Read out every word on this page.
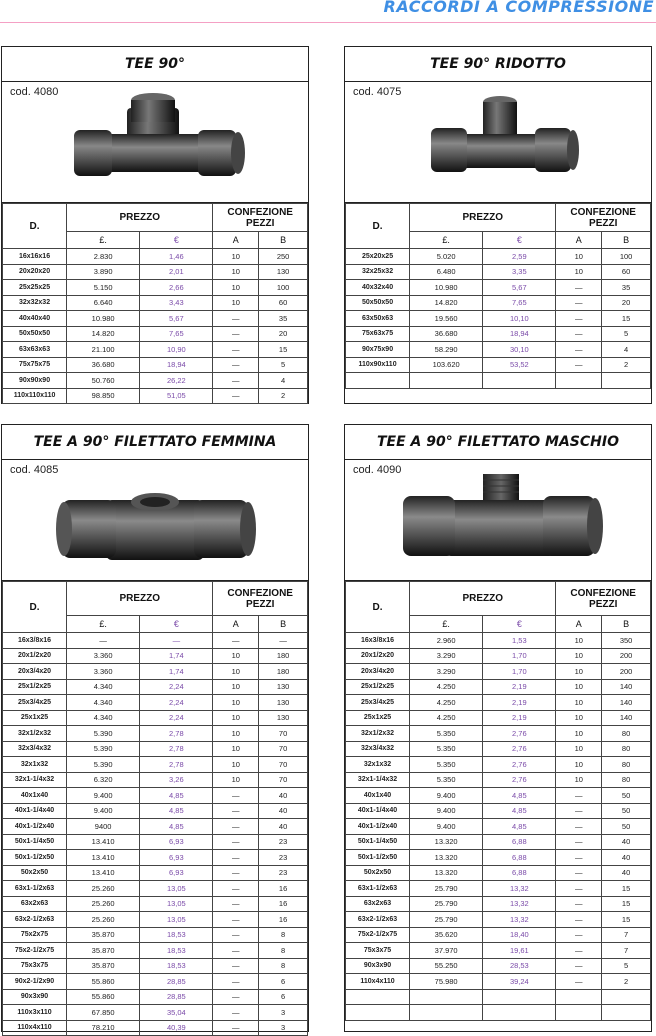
RACCORDI A COMPRESSIONE
TEE 90°
cod. 4080
D.	PREZZO		CONFEZIONE
PEZZI	
	£.	€	A	B
16x16x16	2.830	1,46	10	250
20x20x20	3.890	2,01	10	130
25x25x25	5.150	2,66	10	100
32x32x32	6.640	3,43	10	60
40x40x40	10.980	5,67	—	35
50x50x50	14.820	7,65	—	20
63x63x63	21.100	10,90	—	15
75x75x75	36.680	18,94	—	5
90x90x90	50.760	26,22	—	4
110x110x110	98.850	51,05	—	2
TEE 90° RIDOTTO
cod. 4075
D.	PREZZO		CONFEZIONE
PEZZI	
	£.	€	A	B
25x20x25	5.020	2,59	10	100
32x25x32	6.480	3,35	10	60
40x32x40	10.980	5,67	—	35
50x50x50	14.820	7,65	—	20
63x50x63	19.560	10,10	—	15
75x63x75	36.680	18,94	—	5
90x75x90	58.290	30,10	—	4
110x90x110	103.620	53,52	—	2

TEE A 90° FILETTATO FEMMINA
cod. 4085
D.	PREZZO		CONFEZIONE
PEZZI	
	£.	€	A	B
16x3/8x16	—	—	—	—
20x1/2x20	3.360	1,74	10	180
20x3/4x20	3.360	1,74	10	180
25x1/2x25	4.340	2,24	10	130
25x3/4x25	4.340	2,24	10	130
25x1x25	4.340	2,24	10	130
32x1/2x32	5.390	2,78	10	70
32x3/4x32	5.390	2,78	10	70
32x1x32	5.390	2,78	10	70
32x1-1/4x32	6.320	3,26	10	70
40x1x40	9.400	4,85	—	40
40x1-1/4x40	9.400	4,85	—	40
40x1-1/2x40	9400	4,85	—	40
50x1-1/4x50	13.410	6,93	—	23
50x1-1/2x50	13.410	6,93	—	23
50x2x50	13.410	6,93	—	23
63x1-1/2x63	25.260	13,05	—	16
63x2x63	25.260	13,05	—	16
63x2-1/2x63	25.260	13,05	—	16
75x2x75	35.870	18,53	—	8
75x2-1/2x75	35.870	18,53	—	8
75x3x75	35.870	18,53	—	8
90x2-1/2x90	55.860	28,85	—	6
90x3x90	55.860	28,85	—	6
110x3x110	67.850	35,04	—	3
110x4x110	78.210	40,39	—	3
TEE A 90° FILETTATO MASCHIO
cod. 4090
D.	PREZZO		CONFEZIONE
PEZZI	
	£.	€	A	B
16x3/8x16	2.960	1,53	10	350
20x1/2x20	3.290	1,70	10	200
20x3/4x20	3.290	1,70	10	200
25x1/2x25	4.250	2,19	10	140
25x3/4x25	4.250	2,19	10	140
25x1x25	4.250	2,19	10	140
32x1/2x32	5.350	2,76	10	80
32x3/4x32	5.350	2,76	10	80
32x1x32	5.350	2,76	10	80
32x1-1/4x32	5.350	2,76	10	80
40x1x40	9.400	4,85	—	50
40x1-1/4x40	9.400	4,85	—	50
40x1-1/2x40	9.400	4,85	—	50
50x1-1/4x50	13.320	6,88	—	40
50x1-1/2x50	13.320	6,88	—	40
50x2x50	13.320	6,88	—	40
63x1-1/2x63	25.790	13,32	—	15
63x2x63	25.790	13,32	—	15
63x2-1/2x63	25.790	13,32	—	15
75x2-1/2x75	35.620	18,40	—	7
75x3x75	37.970	19,61	—	7
90x3x90	55.250	28,53	—	5
110x4x110	75.980	39,24	—	2
